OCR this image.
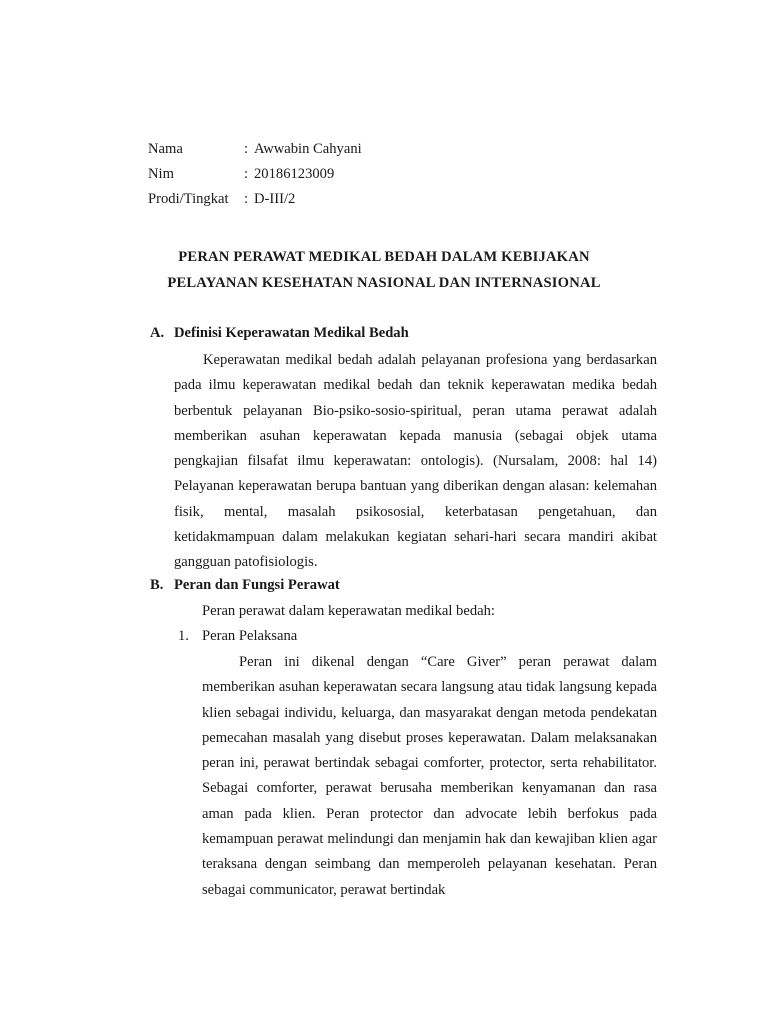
Nama	: Awwabin Cahyani
Nim	: 20186123009
Prodi/Tingkat	: D-III/2
PERAN PERAWAT MEDIKAL BEDAH DALAM KEBIJAKAN
PELAYANAN KESEHATAN NASIONAL DAN INTERNASIONAL
A. Definisi Keperawatan Medikal Bedah

Keperawatan medikal bedah adalah pelayanan profesiona yang berdasarkan pada ilmu keperawatan medikal bedah dan teknik keperawatan medika bedah berbentuk pelayanan Bio-psiko-sosio-spiritual, peran utama perawat adalah memberikan asuhan keperawatan kepada manusia (sebagai objek utama pengkajian filsafat ilmu keperawatan: ontologis). (Nursalam, 2008: hal 14) Pelayanan keperawatan berupa bantuan yang diberikan dengan alasan: kelemahan fisik, mental, masalah psikososial, keterbatasan pengetahuan, dan ketidakmampuan dalam melakukan kegiatan sehari-hari secara mandiri akibat gangguan patofisiologis.

B. Peran dan Fungsi Perawat
Peran perawat dalam keperawatan medikal bedah:
1. Peran Pelaksana

Peran ini dikenal dengan “Care Giver” peran perawat dalam memberikan asuhan keperawatan secara langsung atau tidak langsung kepada klien sebagai individu, keluarga, dan masyarakat dengan metoda pendekatan pemecahan masalah yang disebut proses keperawatan. Dalam melaksanakan peran ini, perawat bertindak sebagai comforter, protector, serta rehabilitator. Sebagai comforter, perawat berusaha memberikan kenyamanan dan rasa aman pada klien. Peran protector dan advocate lebih berfokus pada kemampuan perawat melindungi dan menjamin hak dan kewajiban klien agar teraksana dengan seimbang dan memperoleh pelayanan kesehatan. Peran sebagai communicator, perawat bertindak
